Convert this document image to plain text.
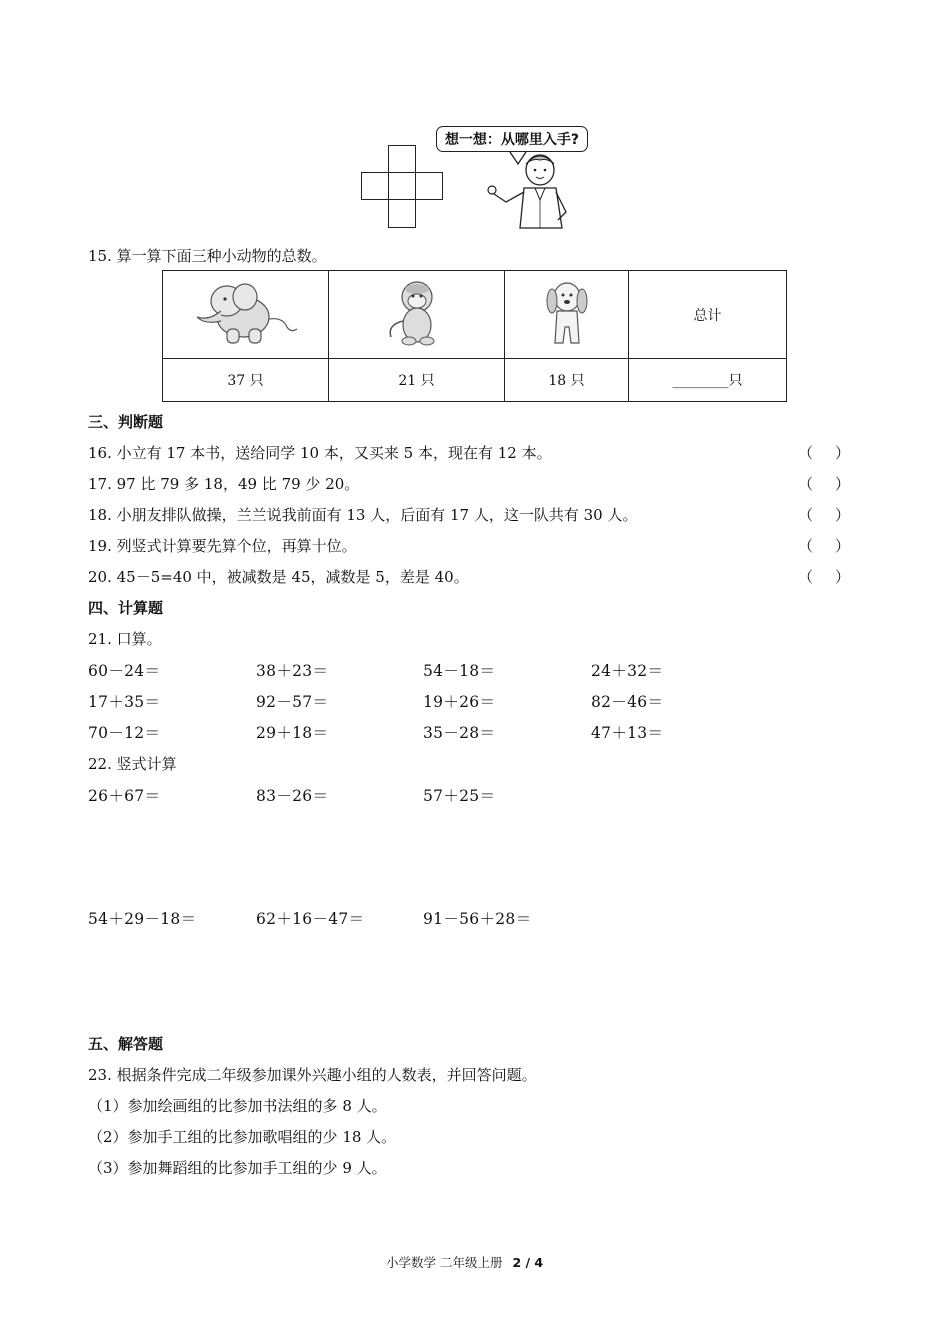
想一想：从哪里入手?
15. 算一算下面三种小动物的总数。
			总计
37 只	21 只	18 只	________只
三、判断题
16. 小立有 17 本书，送给同学 10 本，又买来 5 本，现在有 12 本。	（ ）
17. 97 比 79 多 18，49 比 79 少 20。	（ ）
18. 小朋友排队做操，兰兰说我前面有 13 人，后面有 17 人，这一队共有 30 人。	（ ）
19. 列竖式计算要先算个位，再算十位。	（ ）
20. 45－5=40 中，被减数是 45，减数是 5，差是 40。	（ ）
四、计算题
21. 口算。
60－24＝	38＋23＝	54－18＝	24＋32＝
17＋35＝	92－57＝	19＋26＝	82－46＝
70－12＝	29＋18＝	35－28＝	47＋13＝
22. 竖式计算
26＋67＝	83－26＝	57＋25＝
54＋29－18＝	62＋16－47＝	91－56＋28＝
五、解答题
23. 根据条件完成二年级参加课外兴趣小组的人数表，并回答问题。
（1）参加绘画组的比参加书法组的多 8 人。
（2）参加手工组的比参加歌唱组的少 18 人。
（3）参加舞蹈组的比参加手工组的少 9 人。
小学数学 二年级上册 2 / 4
